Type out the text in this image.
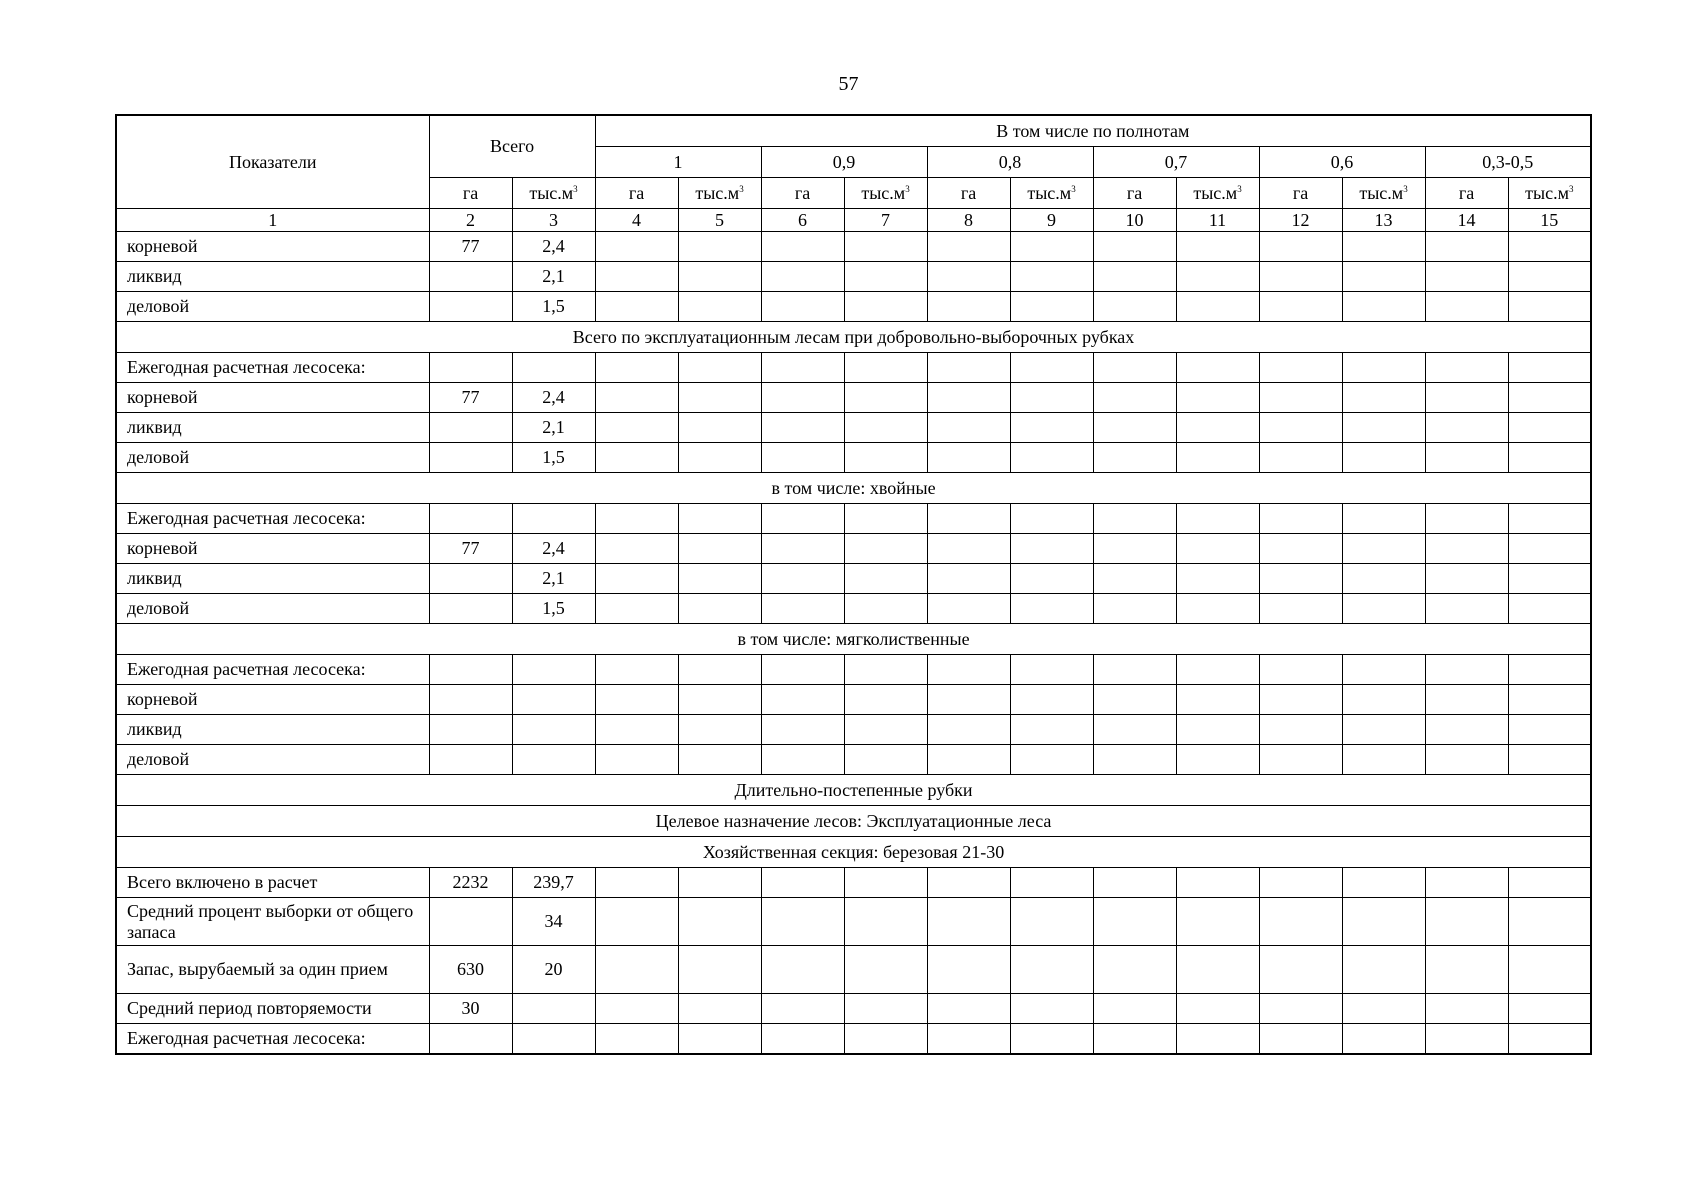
57
Показатели	Всего		В том числе по полнотам											
			1		0,9		0,8		0,7		0,6		0,3-0,5	
	га	$тыс.м^3$	га	$тыс.м^3$	га	$тыс.м^3$	га	$тыс.м^3$	га	$тыс.м^3$	га	$тыс.м^3$	га	$тыс.м^3$
1	2	3	4	5	6	7	8	9	10	11	12	13	14	15
корневой	77	2,4												
ликвид		2,1												
деловой		1,5												
Всего по эксплуатационным лесам при добровольно-выборочных рубках														
Ежегодная расчетная лесосека:														
корневой	77	2,4												
ликвид		2,1												
деловой		1,5												
в том числе: хвойные														
Ежегодная расчетная лесосека:														
корневой	77	2,4												
ликвид		2,1												
деловой		1,5												
в том числе: мягколиственные														
Ежегодная расчетная лесосека:														
корневой														
ликвид														
деловой														
Длительно-постепенные рубки														
Целевое назначение лесов: Эксплуатационные леса														
Хозяйственная секция: березовая 21-30														
Всего включено в расчет	2232	239,7												
Средний процент выборки от общего запаса		34												
Запас, вырубаемый за один прием	630	20												
Средний период повторяемости	30													
Ежегодная расчетная лесосека:														
